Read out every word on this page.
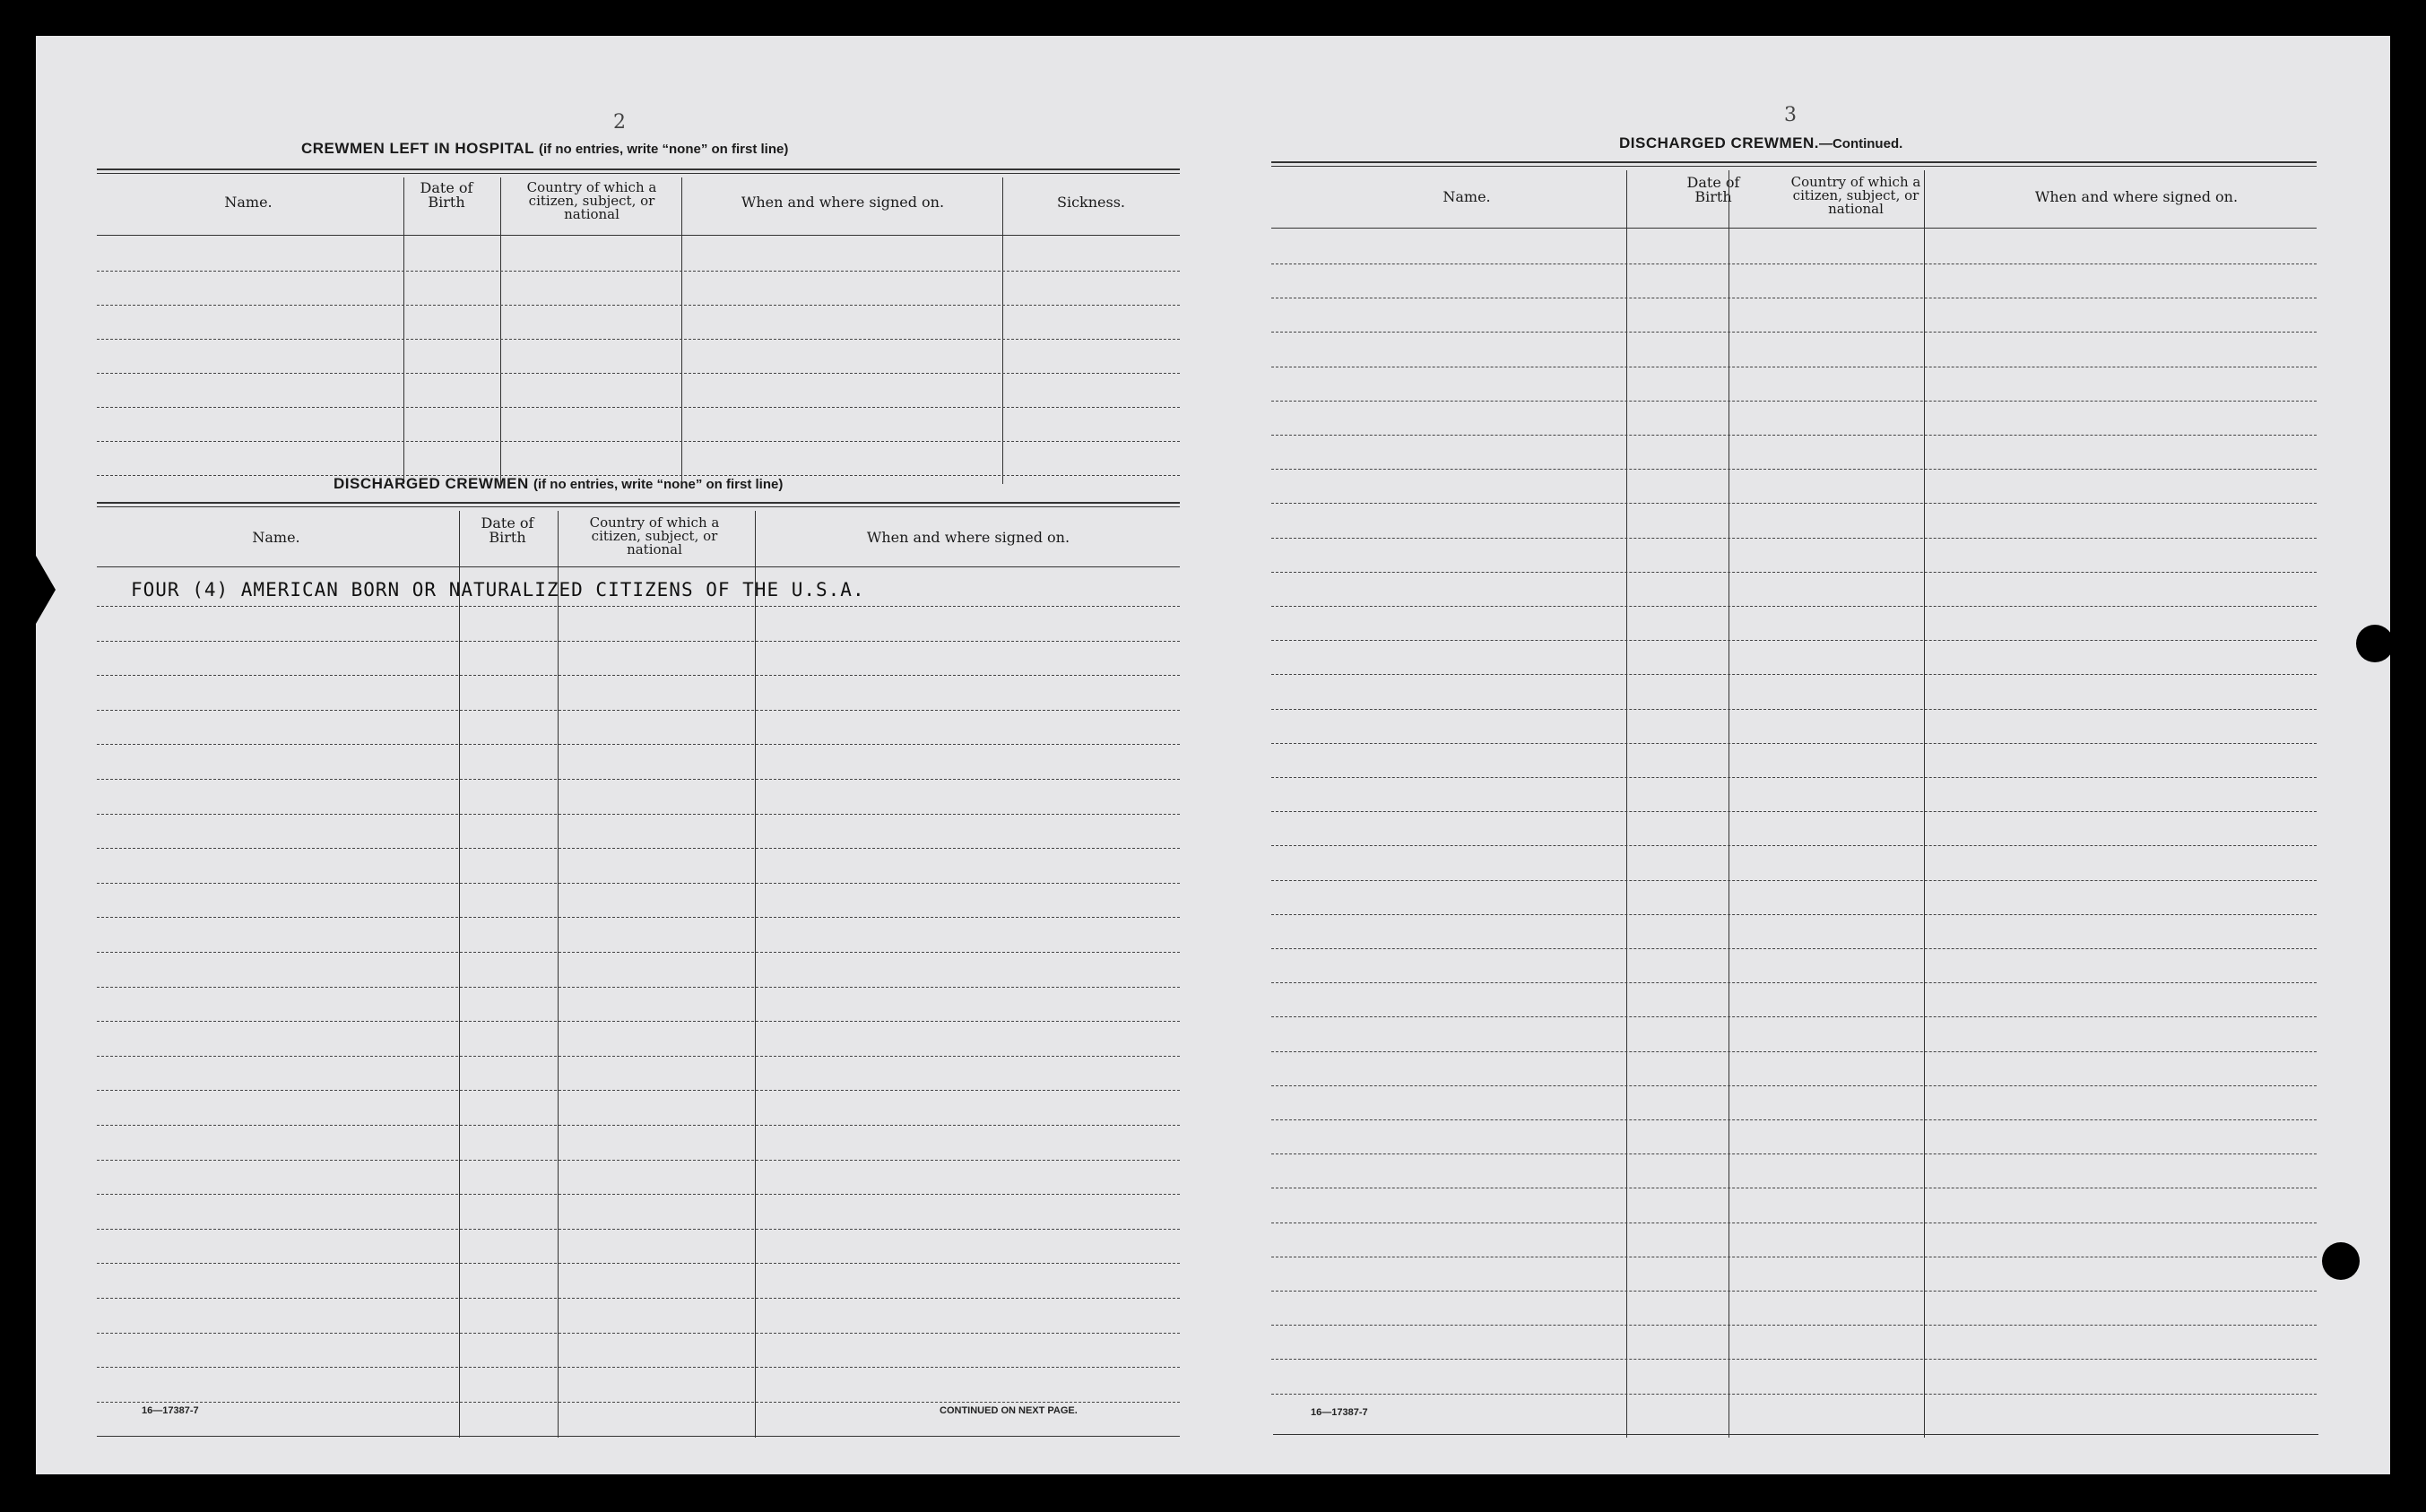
2
CREWMEN LEFT IN HOSPITAL (if no entries, write “none” on first line)
Name.
Date of Birth
Country of which a citizen, subject, or national
When and where signed on.	Sickness.
DISCHARGED CREWMEN (if no entries, write “none” on first line)
Name.
Date of Birth
Country of which a citizen, subject, or national
When and where signed on.
FOUR (4) AMERICAN BORN OR NATURALIZED CITIZENS OF THE U.S.A.
16—17387-7	CONTINUED ON NEXT PAGE.
3
DISCHARGED CREWMEN.—Continued.
Name.
Date of Birth
Country of which a citizen, subject, or national
When and where signed on.
16—17387-7
